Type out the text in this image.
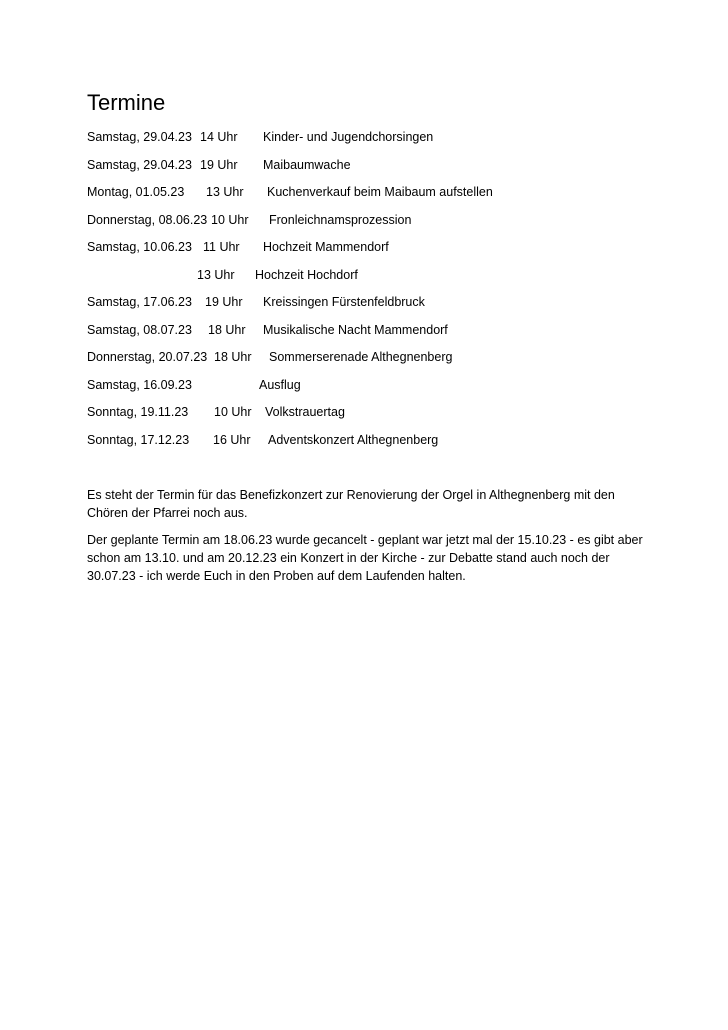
Termine
Samstag, 29.04.23 14 Uhr Kinder- und Jugendchorsingen
Samstag, 29.04.23 19 Uhr Maibaumwache
Montag, 01.05.23 13 Uhr Kuchenverkauf beim Maibaum aufstellen
Donnerstag, 08.06.23 10 Uhr Fronleichnamsprozession
Samstag, 10.06.23 11 Uhr Hochzeit Mammendorf
13 Uhr Hochzeit Hochdorf
Samstag, 17.06.23 19 Uhr Kreissingen Fürstenfeldbruck
Samstag, 08.07.23 18 Uhr Musikalische Nacht Mammendorf
Donnerstag, 20.07.23 18 Uhr Sommerserenade Althegnenberg
Samstag, 16.09.23	Ausflug
Sonntag, 19.11.23 10 Uhr Volkstrauertag
Sonntag, 17.12.23 16 Uhr Adventskonzert Althegnenberg

Es steht der Termin für das Benefizkonzert zur Renovierung der Orgel in Althegnenberg mit den Chören der Pfarrei noch aus.

Der geplante Termin am 18.06.23 wurde gecancelt - geplant war jetzt mal der 15.10.23 - es gibt aber schon am 13.10. und am 20.12.23 ein Konzert in der Kirche - zur Debatte stand auch noch der 30.07.23 - ich werde Euch in den Proben auf dem Laufenden halten.
